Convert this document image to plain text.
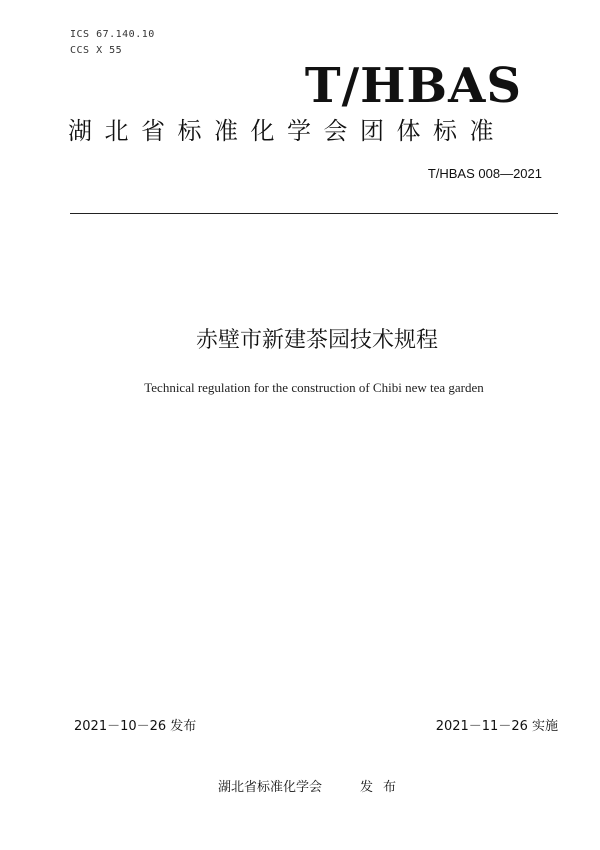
ICS 67.140.10
CCS X 55
T/HBAS
湖北省标准化学会团体标准
T/HBAS 008—2021
赤壁市新建茶园技术规程
Technical regulation for the construction of Chibi new tea garden
2021－10－26 发布	2021－11－26 实施
湖北省标准化学会	发布
